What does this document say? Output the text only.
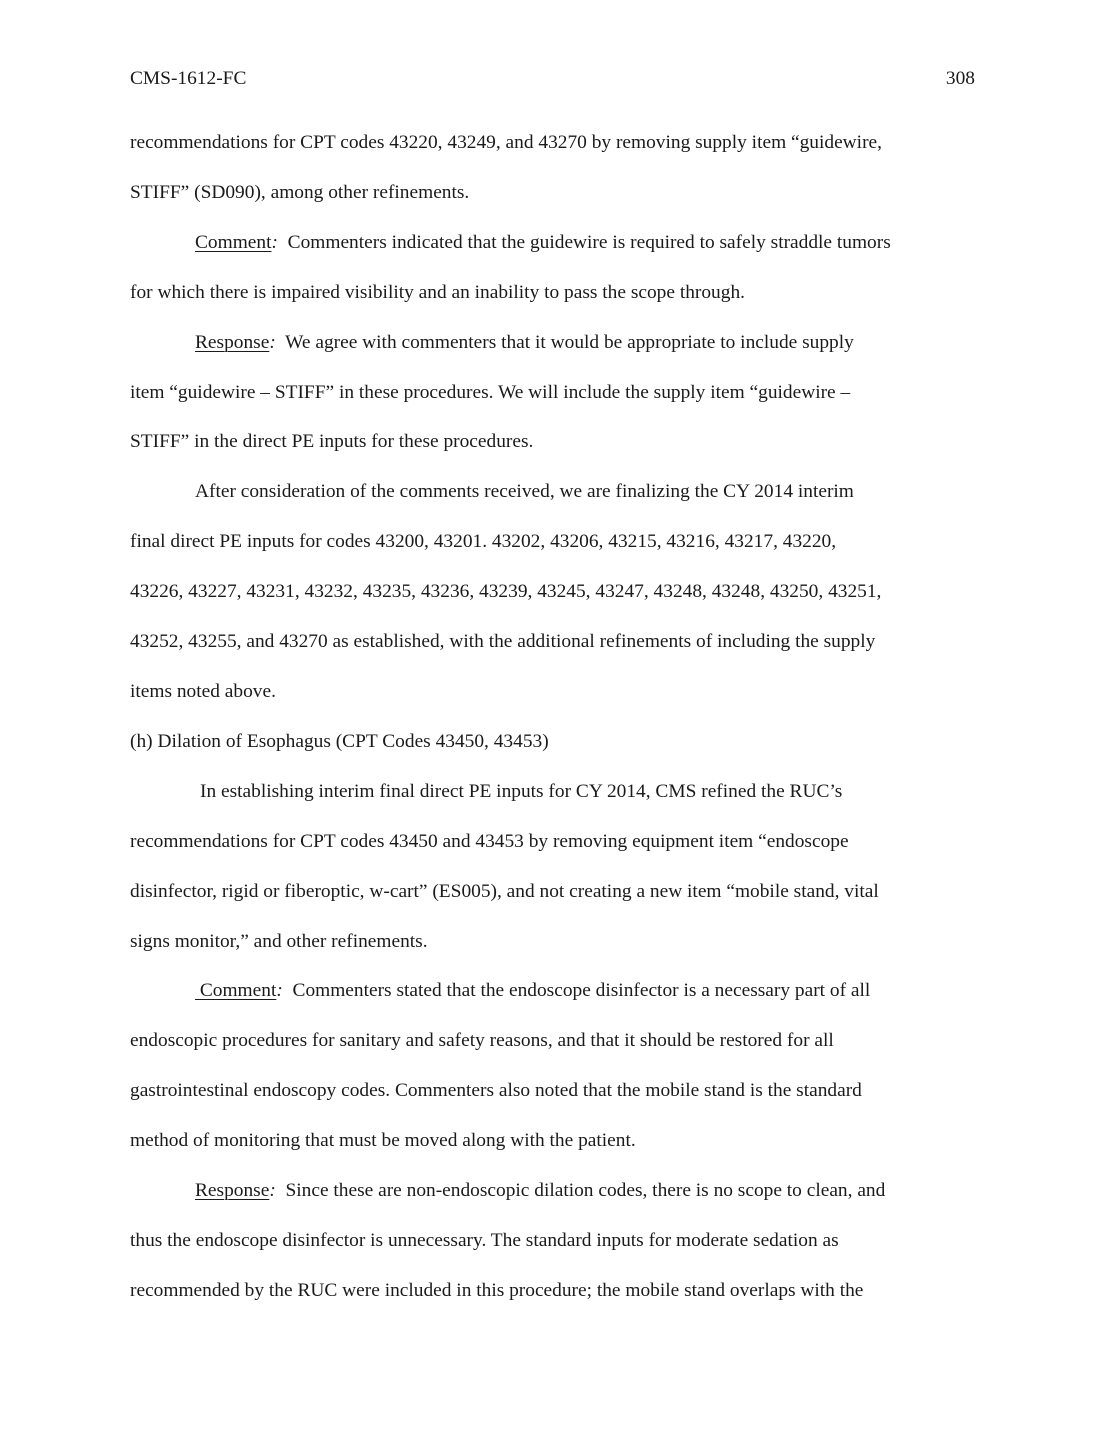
CMS-1612-FC	308
recommendations for CPT codes 43220, 43249, and 43270 by removing supply item “guidewire,
STIFF” (SD090), among other refinements.
Comment:  Commenters indicated that the guidewire is required to safely straddle tumors
for which there is impaired visibility and an inability to pass the scope through.
Response:  We agree with commenters that it would be appropriate to include supply
item “guidewire – STIFF” in these procedures. We will include the supply item “guidewire –
STIFF” in the direct PE inputs for these procedures.
After consideration of the comments received, we are finalizing the CY 2014 interim
final direct PE inputs for codes 43200, 43201. 43202, 43206, 43215, 43216, 43217, 43220,
43226, 43227, 43231, 43232, 43235, 43236, 43239, 43245, 43247, 43248, 43248, 43250, 43251,
43252, 43255, and 43270 as established, with the additional refinements of including the supply
items noted above.
(h) Dilation of Esophagus (CPT Codes 43450, 43453)
In establishing interim final direct PE inputs for CY 2014, CMS refined the RUC’s
recommendations for CPT codes 43450 and 43453 by removing equipment item “endoscope
disinfector, rigid or fiberoptic, w-cart” (ES005), and not creating a new item “mobile stand, vital
signs monitor,” and other refinements.
Comment:  Commenters stated that the endoscope disinfector is a necessary part of all
endoscopic procedures for sanitary and safety reasons, and that it should be restored for all
gastrointestinal endoscopy codes. Commenters also noted that the mobile stand is the standard
method of monitoring that must be moved along with the patient.
Response:  Since these are non-endoscopic dilation codes, there is no scope to clean, and
thus the endoscope disinfector is unnecessary. The standard inputs for moderate sedation as
recommended by the RUC were included in this procedure; the mobile stand overlaps with the
